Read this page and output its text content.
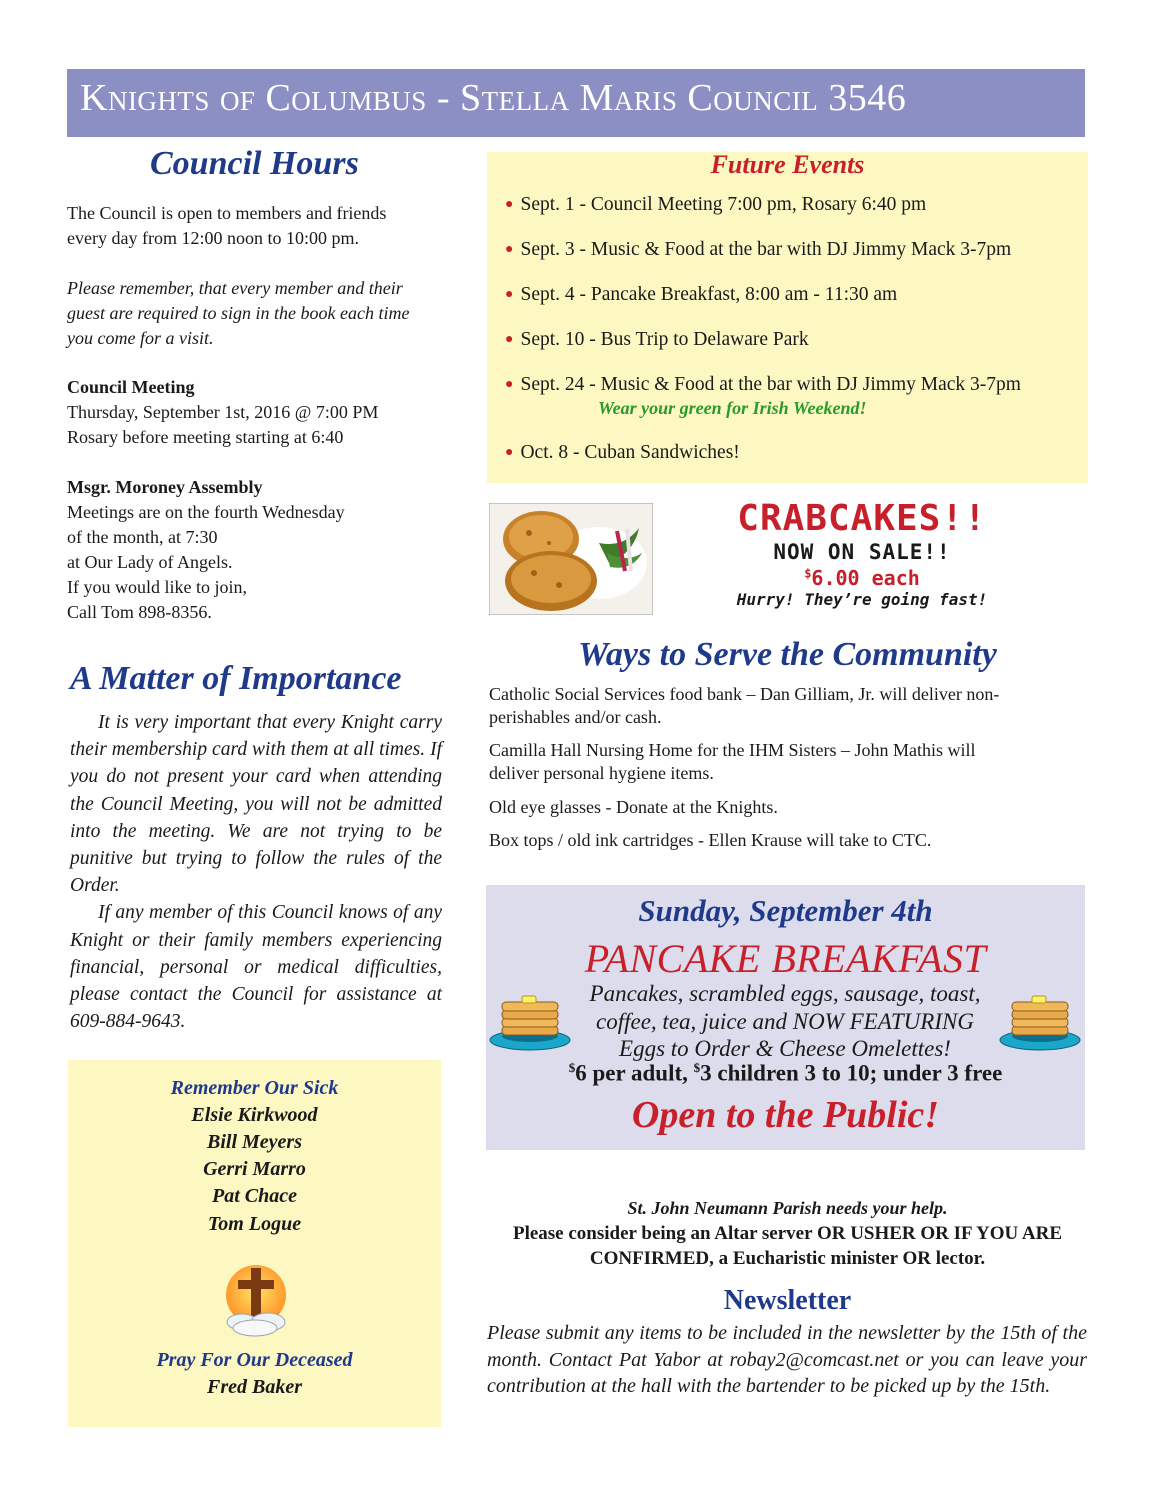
Knights of Columbus - Stella Maris Council 3546
Council Hours
The Council is open to members and friends
every day from 12:00 noon to 10:00 pm.
Please remember, that every member and their
guest are required to sign in the book each time
you come for a visit.
Council Meeting
Thursday, September 1st, 2016 @ 7:00 PM
Rosary before meeting starting at 6:40
Msgr. Moroney Assembly
Meetings are on the fourth Wednesday
of the month, at 7:30
at Our Lady of Angels.
If you would like to join,
Call Tom 898-8356.
A Matter of Importance

It is very important that every Knight carry their membership card with them at all times. If you do not present your card when attending the Council Meeting, you will not be admitted into the meeting. We are not trying to be punitive but trying to follow the rules of the Order.

If any member of this Council knows of any Knight or their family members experiencing financial, personal or medical difficulties, please contact the Council for assistance at 609-884-9643.

Remember Our Sick
Elsie Kirkwood
Bill Meyers
Gerri Marro
Pat Chace
Tom Logue
Pray For Our Deceased
Fred Baker
Future Events
● Sept. 1 - Council Meeting 7:00 pm, Rosary 6:40 pm
● Sept. 3 - Music & Food at the bar with DJ Jimmy Mack 3-7pm
● Sept. 4 - Pancake Breakfast, 8:00 am - 11:30 am
● Sept. 10 - Bus Trip to Delaware Park
● Sept. 24 - Music & Food at the bar with DJ Jimmy Mack 3-7pm
Wear your green for Irish Weekend!
● Oct. 8 - Cuban Sandwiches!
CRABCAKES!!
NOW ON SALE!!
$6.00 each
Hurry! They’re going fast!
Ways to Serve the Community
Catholic Social Services food bank – Dan Gilliam, Jr. will deliver non-
perishables and/or cash.
Camilla Hall Nursing Home for the IHM Sisters – John Mathis will
deliver personal hygiene items.
Old eye glasses - Donate at the Knights.
Box tops / old ink cartridges - Ellen Krause will take to CTC.
Sunday, September 4th
PANCAKE BREAKFAST
Pancakes, scrambled eggs, sausage, toast,
coffee, tea, juice and NOW FEATURING
Eggs to Order & Cheese Omelettes!
$6 per adult, $3 children 3 to 10; under 3 free
Open to the Public!
St. John Neumann Parish needs your help.
Please consider being an Altar server OR USHER OR IF YOU ARE
CONFIRMED, a Eucharistic minister OR lector.
Newsletter
Please submit any items to be included in the newsletter by the 15th of the month. Contact Pat Yabor at robay2@comcast.net or you can leave your contribution at the hall with the bartender to be picked up by the 15th.
